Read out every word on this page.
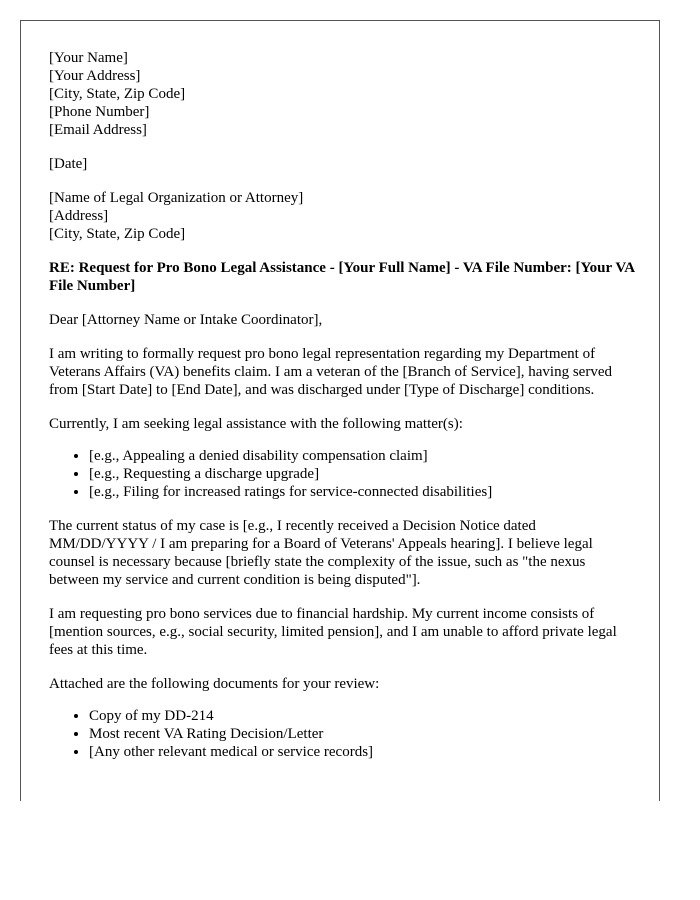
[Your Name]
[Your Address]
[City, State, Zip Code]
[Phone Number]
[Email Address]

[Date]

[Name of Legal Organization or Attorney]
[Address]
[City, State, Zip Code]

RE: Request for Pro Bono Legal Assistance - [Your Full Name] - VA File Number: [Your VA File Number]

Dear [Attorney Name or Intake Coordinator],

I am writing to formally request pro bono legal representation regarding my Department of Veterans Affairs (VA) benefits claim. I am a veteran of the [Branch of Service], having served from [Start Date] to [End Date], and was discharged under [Type of Discharge] conditions.

Currently, I am seeking legal assistance with the following matter(s):

• [e.g., Appealing a denied disability compensation claim]
• [e.g., Requesting a discharge upgrade]
• [e.g., Filing for increased ratings for service-connected disabilities]

The current status of my case is [e.g., I recently received a Decision Notice dated MM/DD/YYYY / I am preparing for a Board of Veterans' Appeals hearing]. I believe legal counsel is necessary because [briefly state the complexity of the issue, such as "the nexus between my service and current condition is being disputed"].

I am requesting pro bono services due to financial hardship. My current income consists of [mention sources, e.g., social security, limited pension], and I am unable to afford private legal fees at this time.

Attached are the following documents for your review:

• Copy of my DD-214
• Most recent VA Rating Decision/Letter
• [Any other relevant medical or service records]
